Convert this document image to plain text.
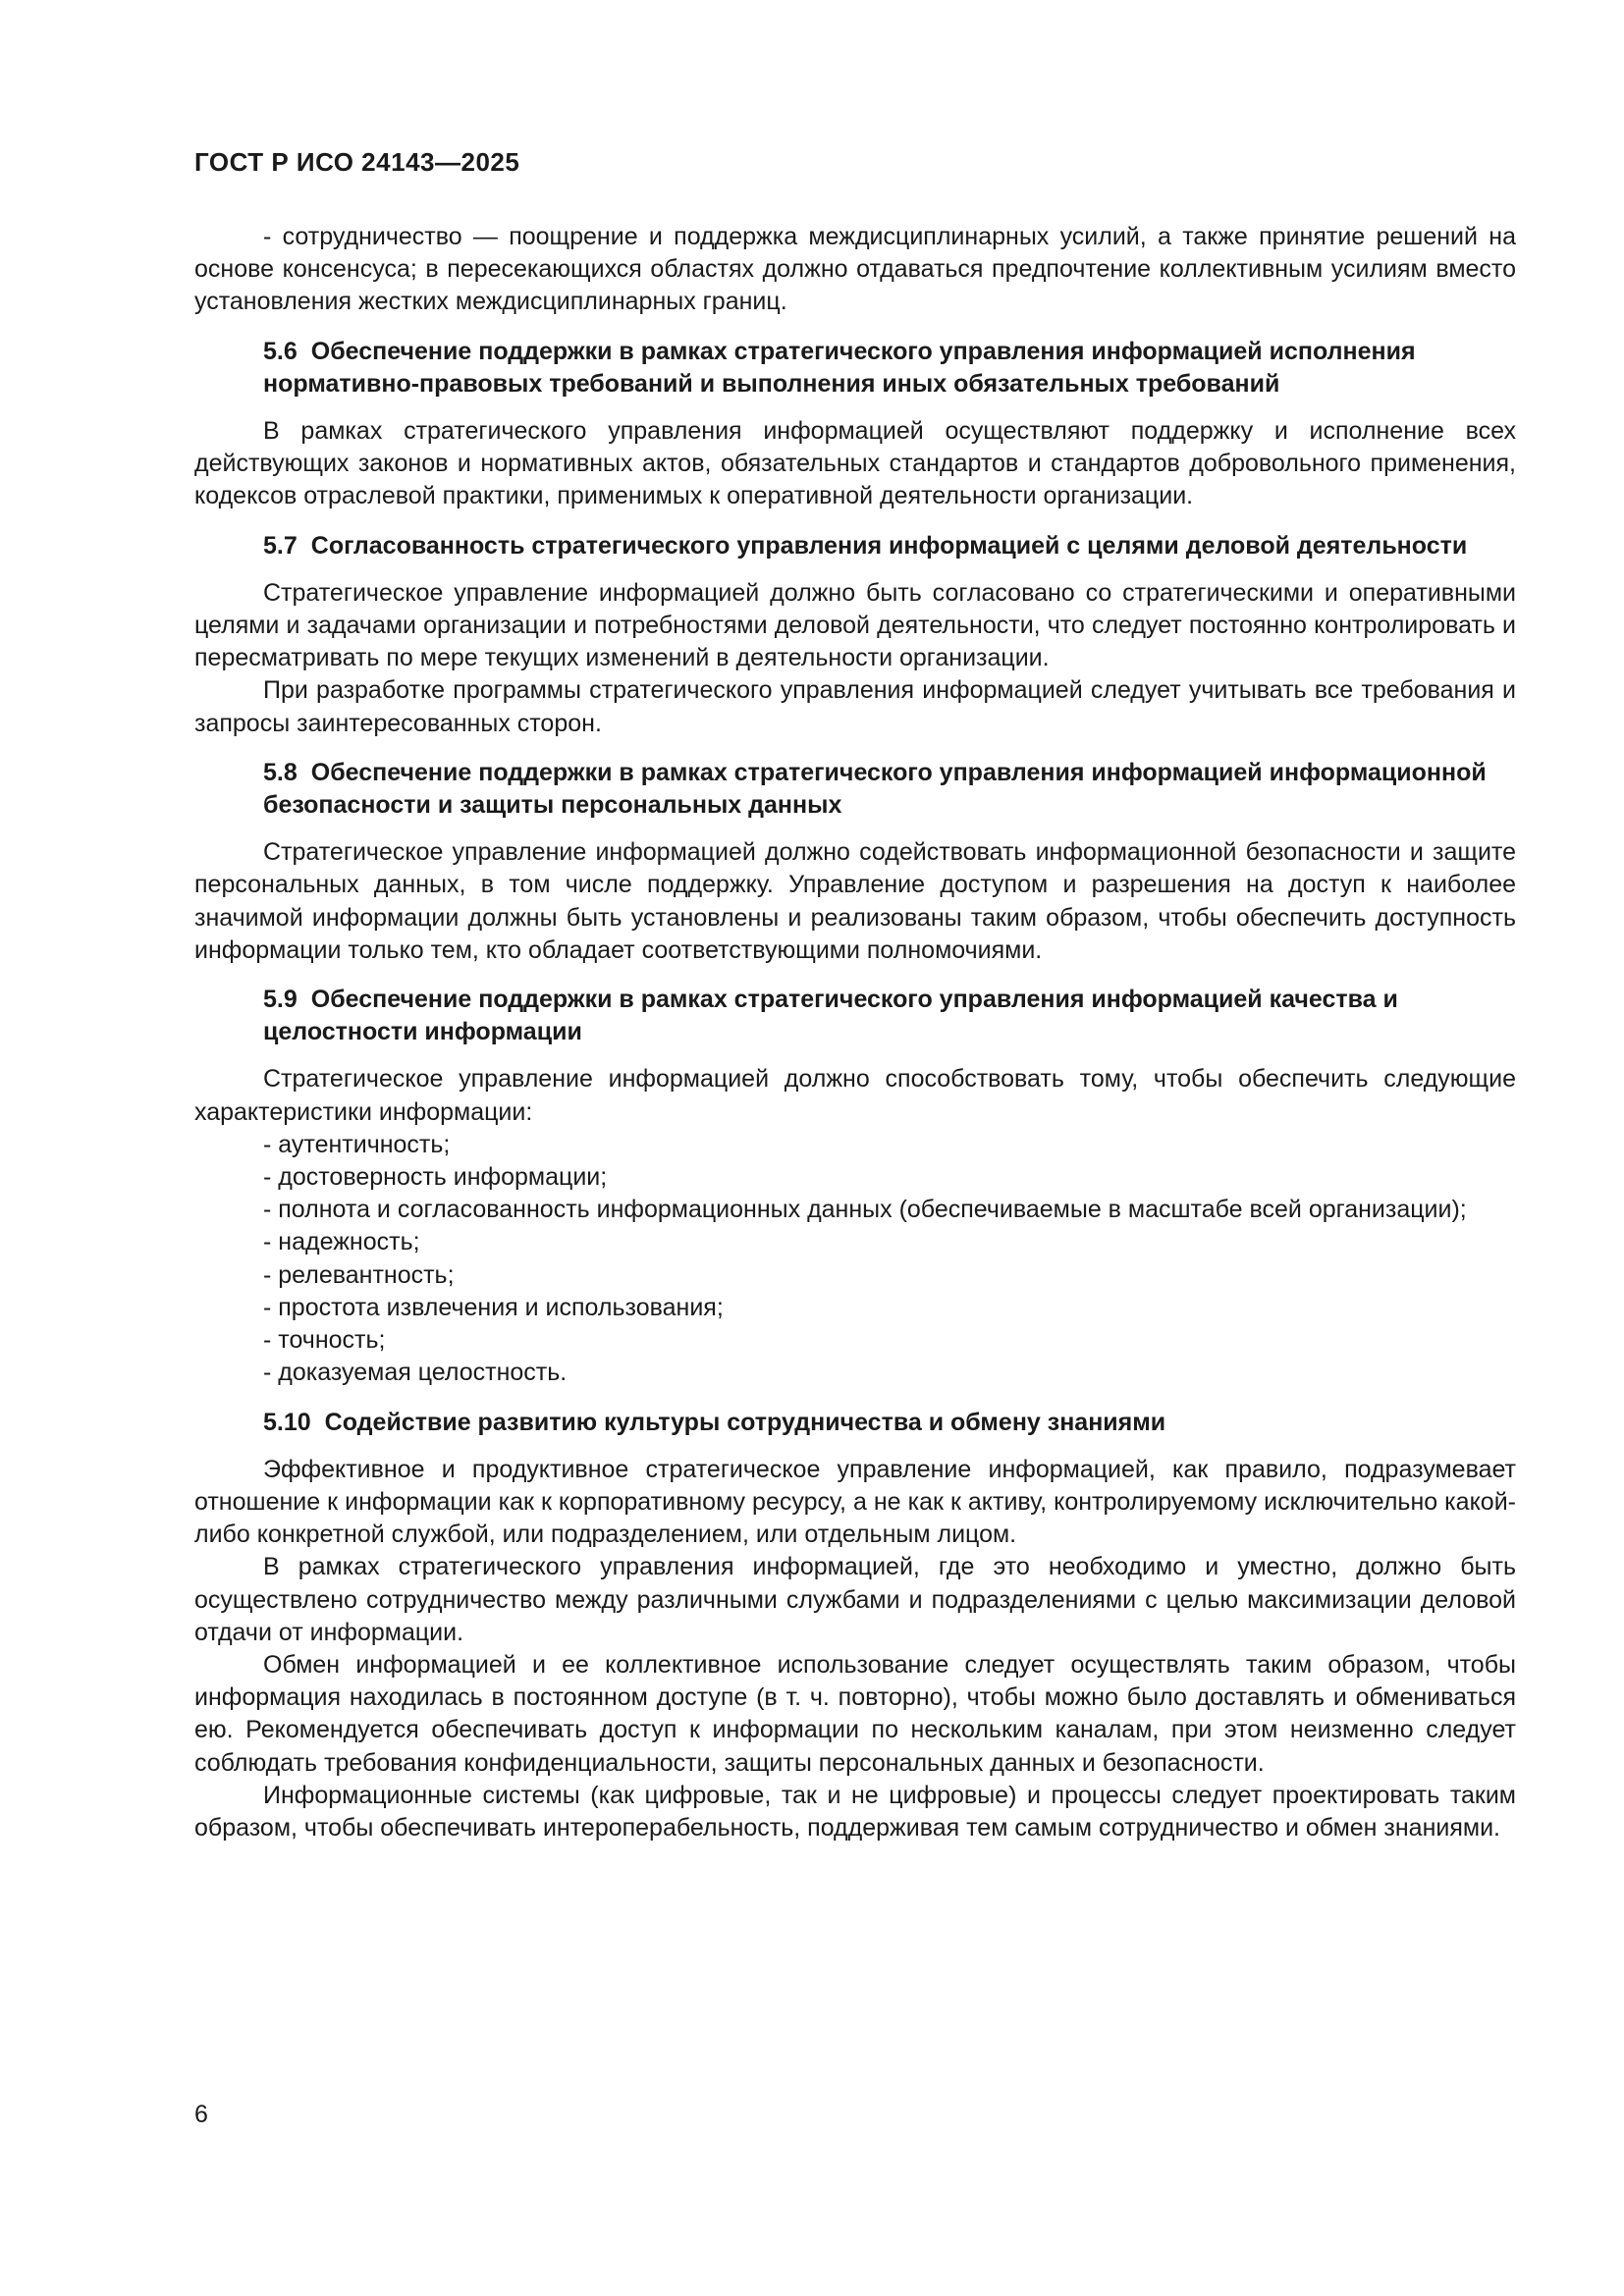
ГОСТ Р ИСО 24143—2025

- сотрудничество — поощрение и поддержка междисциплинарных усилий, а также принятие решений на основе консенсуса; в пересекающихся областях должно отдаваться предпочтение коллективным усилиям вместо установления жестких междисциплинарных границ.

5.6 Обеспечение поддержки в рамках стратегического управления информацией исполнения нормативно-правовых требований и выполнения иных обязательных требований

В рамках стратегического управления информацией осуществляют поддержку и исполнение всех действующих законов и нормативных актов, обязательных стандартов и стандартов добровольного применения, кодексов отраслевой практики, применимых к оперативной деятельности организации.

5.7 Согласованность стратегического управления информацией с целями деловой деятельности

Стратегическое управление информацией должно быть согласовано со стратегическими и оперативными целями и задачами организации и потребностями деловой деятельности, что следует постоянно контролировать и пересматривать по мере текущих изменений в деятельности организации.

При разработке программы стратегического управления информацией следует учитывать все требования и запросы заинтересованных сторон.

5.8 Обеспечение поддержки в рамках стратегического управления информацией информационной безопасности и защиты персональных данных

Стратегическое управление информацией должно содействовать информационной безопасности и защите персональных данных, в том числе поддержку. Управление доступом и разрешения на доступ к наиболее значимой информации должны быть установлены и реализованы таким образом, чтобы обеспечить доступность информации только тем, кто обладает соответствующими полномочиями.

5.9 Обеспечение поддержки в рамках стратегического управления информацией качества и целостности информации

Стратегическое управление информацией должно способствовать тому, чтобы обеспечить следующие характеристики информации:

- аутентичность;

- достоверность информации;

- полнота и согласованность информационных данных (обеспечиваемые в масштабе всей организации);

- надежность;

- релевантность;

- простота извлечения и использования;

- точность;

- доказуемая целостность.

5.10 Содействие развитию культуры сотрудничества и обмену знаниями

Эффективное и продуктивное стратегическое управление информацией, как правило, подразумевает отношение к информации как к корпоративному ресурсу, а не как к активу, контролируемому исключительно какой-либо конкретной службой, или подразделением, или отдельным лицом.

В рамках стратегического управления информацией, где это необходимо и уместно, должно быть осуществлено сотрудничество между различными службами и подразделениями с целью максимизации деловой отдачи от информации.

Обмен информацией и ее коллективное использование следует осуществлять таким образом, чтобы информация находилась в постоянном доступе (в т. ч. повторно), чтобы можно было доставлять и обмениваться ею. Рекомендуется обеспечивать доступ к информации по нескольким каналам, при этом неизменно следует соблюдать требования конфиденциальности, защиты персональных данных и безопасности.

Информационные системы (как цифровые, так и не цифровые) и процессы следует проектировать таким образом, чтобы обеспечивать интероперабельность, поддерживая тем самым сотрудничество и обмен знаниями.

6
